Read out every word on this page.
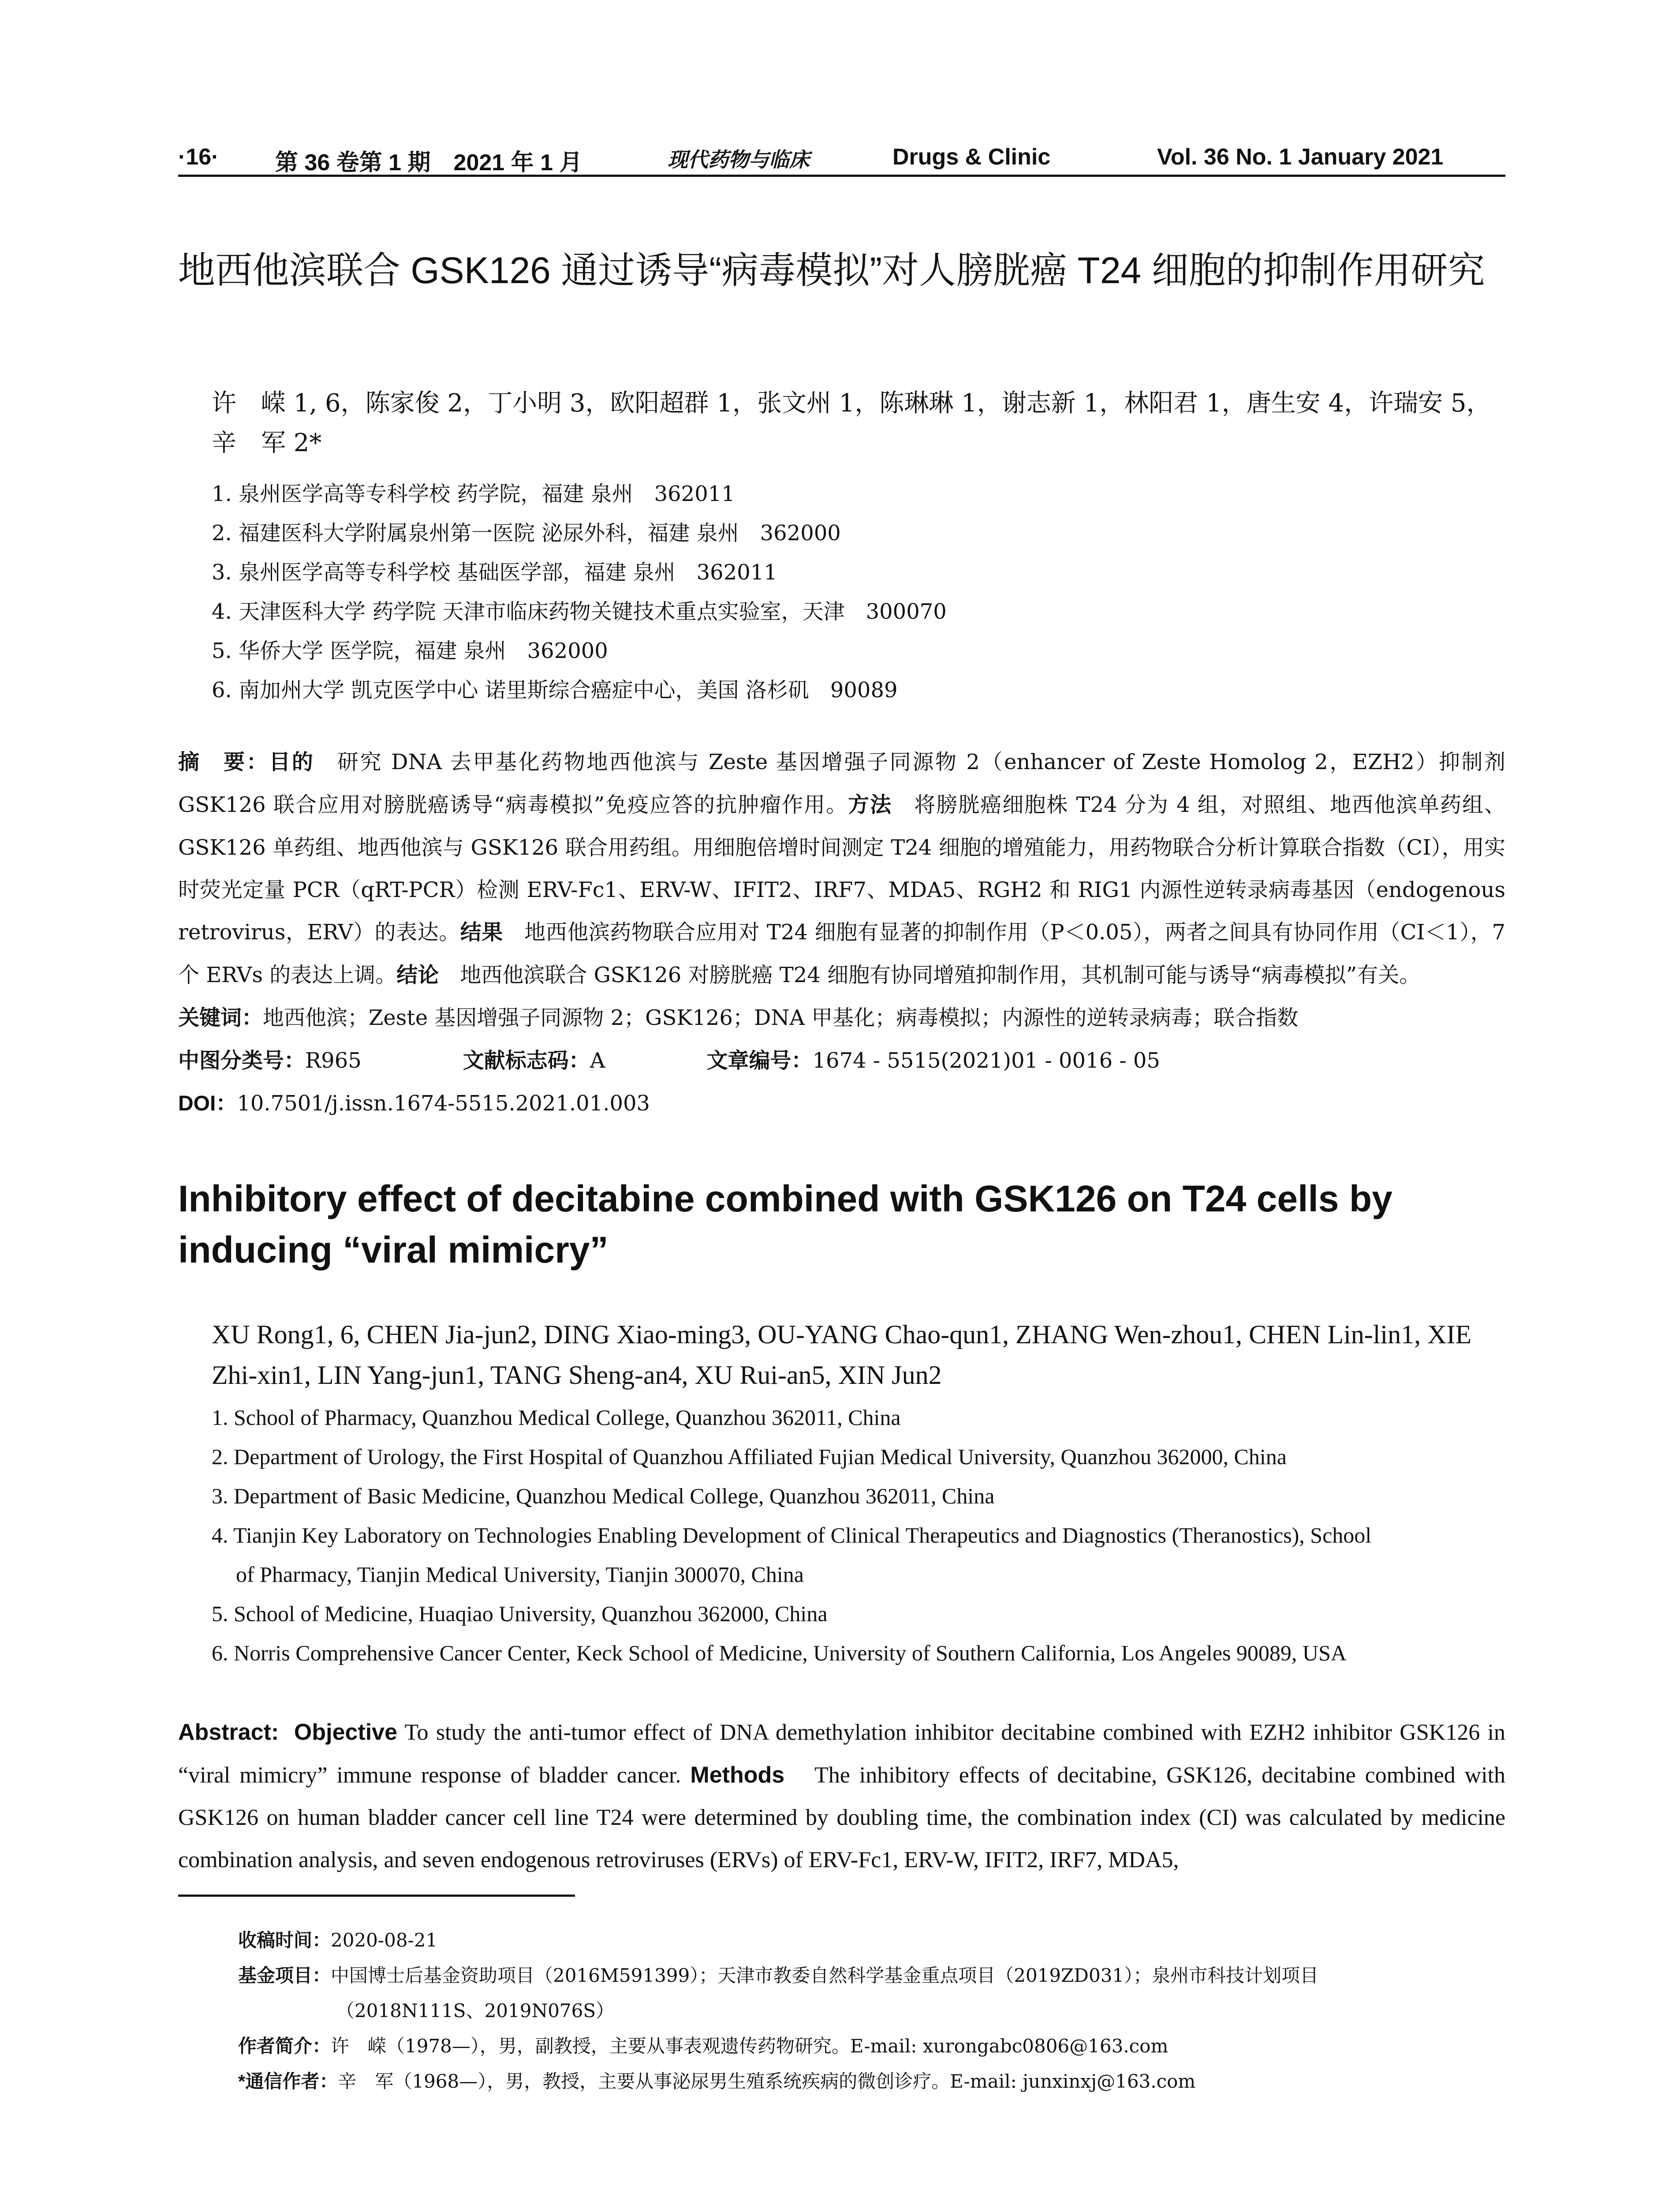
·16· 第 36 卷第 1 期　2021 年 1 月	现代药物与临床	Drugs & Clinic	Vol. 36 No. 1 January 2021
地西他滨联合 GSK126 通过诱导“病毒模拟”对人膀胱癌 T24 细胞的抑制作用研究
许　嵘 1, 6，陈家俊 2，丁小明 3，欧阳超群 1，张文州 1，陈琳琳 1，谢志新 1，林阳君 1，唐生安 4，许瑞安 5，辛　军 2*
1. 泉州医学高等专科学校 药学院，福建 泉州　362011
2. 福建医科大学附属泉州第一医院 泌尿外科，福建 泉州　362000
3. 泉州医学高等专科学校 基础医学部，福建 泉州　362011
4. 天津医科大学 药学院 天津市临床药物关键技术重点实验室，天津　300070
5. 华侨大学 医学院，福建 泉州　362000
6. 南加州大学 凯克医学中心 诺里斯综合癌症中心，美国 洛杉矶　90089

摘　要：目的　研究 DNA 去甲基化药物地西他滨与 Zeste 基因增强子同源物 2（enhancer of Zeste Homolog 2，EZH2）抑制剂 GSK126 联合应用对膀胱癌诱导“病毒模拟”免疫应答的抗肿瘤作用。方法　将膀胱癌细胞株 T24 分为 4 组，对照组、地西他滨单药组、GSK126 单药组、地西他滨与 GSK126 联合用药组。用细胞倍增时间测定 T24 细胞的增殖能力，用药物联合分析计算联合指数（CI），用实时荧光定量 PCR（qRT-PCR）检测 ERV-Fc1、ERV-W、IFIT2、IRF7、MDA5、RGH2 和 RIG1 内源性逆转录病毒基因（endogenous retrovirus，ERV）的表达。结果　地西他滨药物联合应用对 T24 细胞有显著的抑制作用（P＜0.05），两者之间具有协同作用（CI＜1），7 个 ERVs 的表达上调。结论　地西他滨联合 GSK126 对膀胱癌 T24 细胞有协同增殖抑制作用，其机制可能与诱导“病毒模拟”有关。

关键词：地西他滨；Zeste 基因增强子同源物 2；GSK126；DNA 甲基化；病毒模拟；内源性的逆转录病毒；联合指数

中图分类号：R965	文献标志码：A	文章编号：1674 - 5515(2021)01 - 0016 - 05

DOI：10.7501/j.issn.1674-5515.2021.01.003

Inhibitory effect of decitabine combined with GSK126 on T24 cells by inducing “viral mimicry”
XU Rong1, 6, CHEN Jia-jun2, DING Xiao-ming3, OU-YANG Chao-qun1, ZHANG Wen-zhou1, CHEN Lin-lin1, XIE Zhi-xin1, LIN Yang-jun1, TANG Sheng-an4, XU Rui-an5, XIN Jun2
1. School of Pharmacy, Quanzhou Medical College, Quanzhou 362011, China
2. Department of Urology, the First Hospital of Quanzhou Affiliated Fujian Medical University, Quanzhou 362000, China
3. Department of Basic Medicine, Quanzhou Medical College, Quanzhou 362011, China
4. Tianjin Key Laboratory on Technologies Enabling Development of Clinical Therapeutics and Diagnostics (Theranostics), School
of Pharmacy, Tianjin Medical University, Tianjin 300070, China
5. School of Medicine, Huaqiao University, Quanzhou 362000, China
6. Norris Comprehensive Cancer Center, Keck School of Medicine, University of Southern California, Los Angeles 90089, USA

Abstract: Objective To study the anti-tumor effect of DNA demethylation inhibitor decitabine combined with EZH2 inhibitor GSK126 in “viral mimicry” immune response of bladder cancer. Methods　The inhibitory effects of decitabine, GSK126, decitabine combined with GSK126 on human bladder cancer cell line T24 were determined by doubling time, the combination index (CI) was calculated by medicine combination analysis, and seven endogenous retroviruses (ERVs) of ERV-Fc1, ERV-W, IFIT2, IRF7, MDA5,

收稿时间：2020-08-21

基金项目：中国博士后基金资助项目（2016M591399）；天津市教委自然科学基金重点项目（2019ZD031）；泉州市科技计划项目

（2018N111S、2019N076S）

作者简介：许　嵘（1978—），男，副教授，主要从事表观遗传药物研究。E-mail: xurongabc0806@163.com

*通信作者：辛　军（1968—），男，教授，主要从事泌尿男生殖系统疾病的微创诊疗。E-mail: junxinxj@163.com
